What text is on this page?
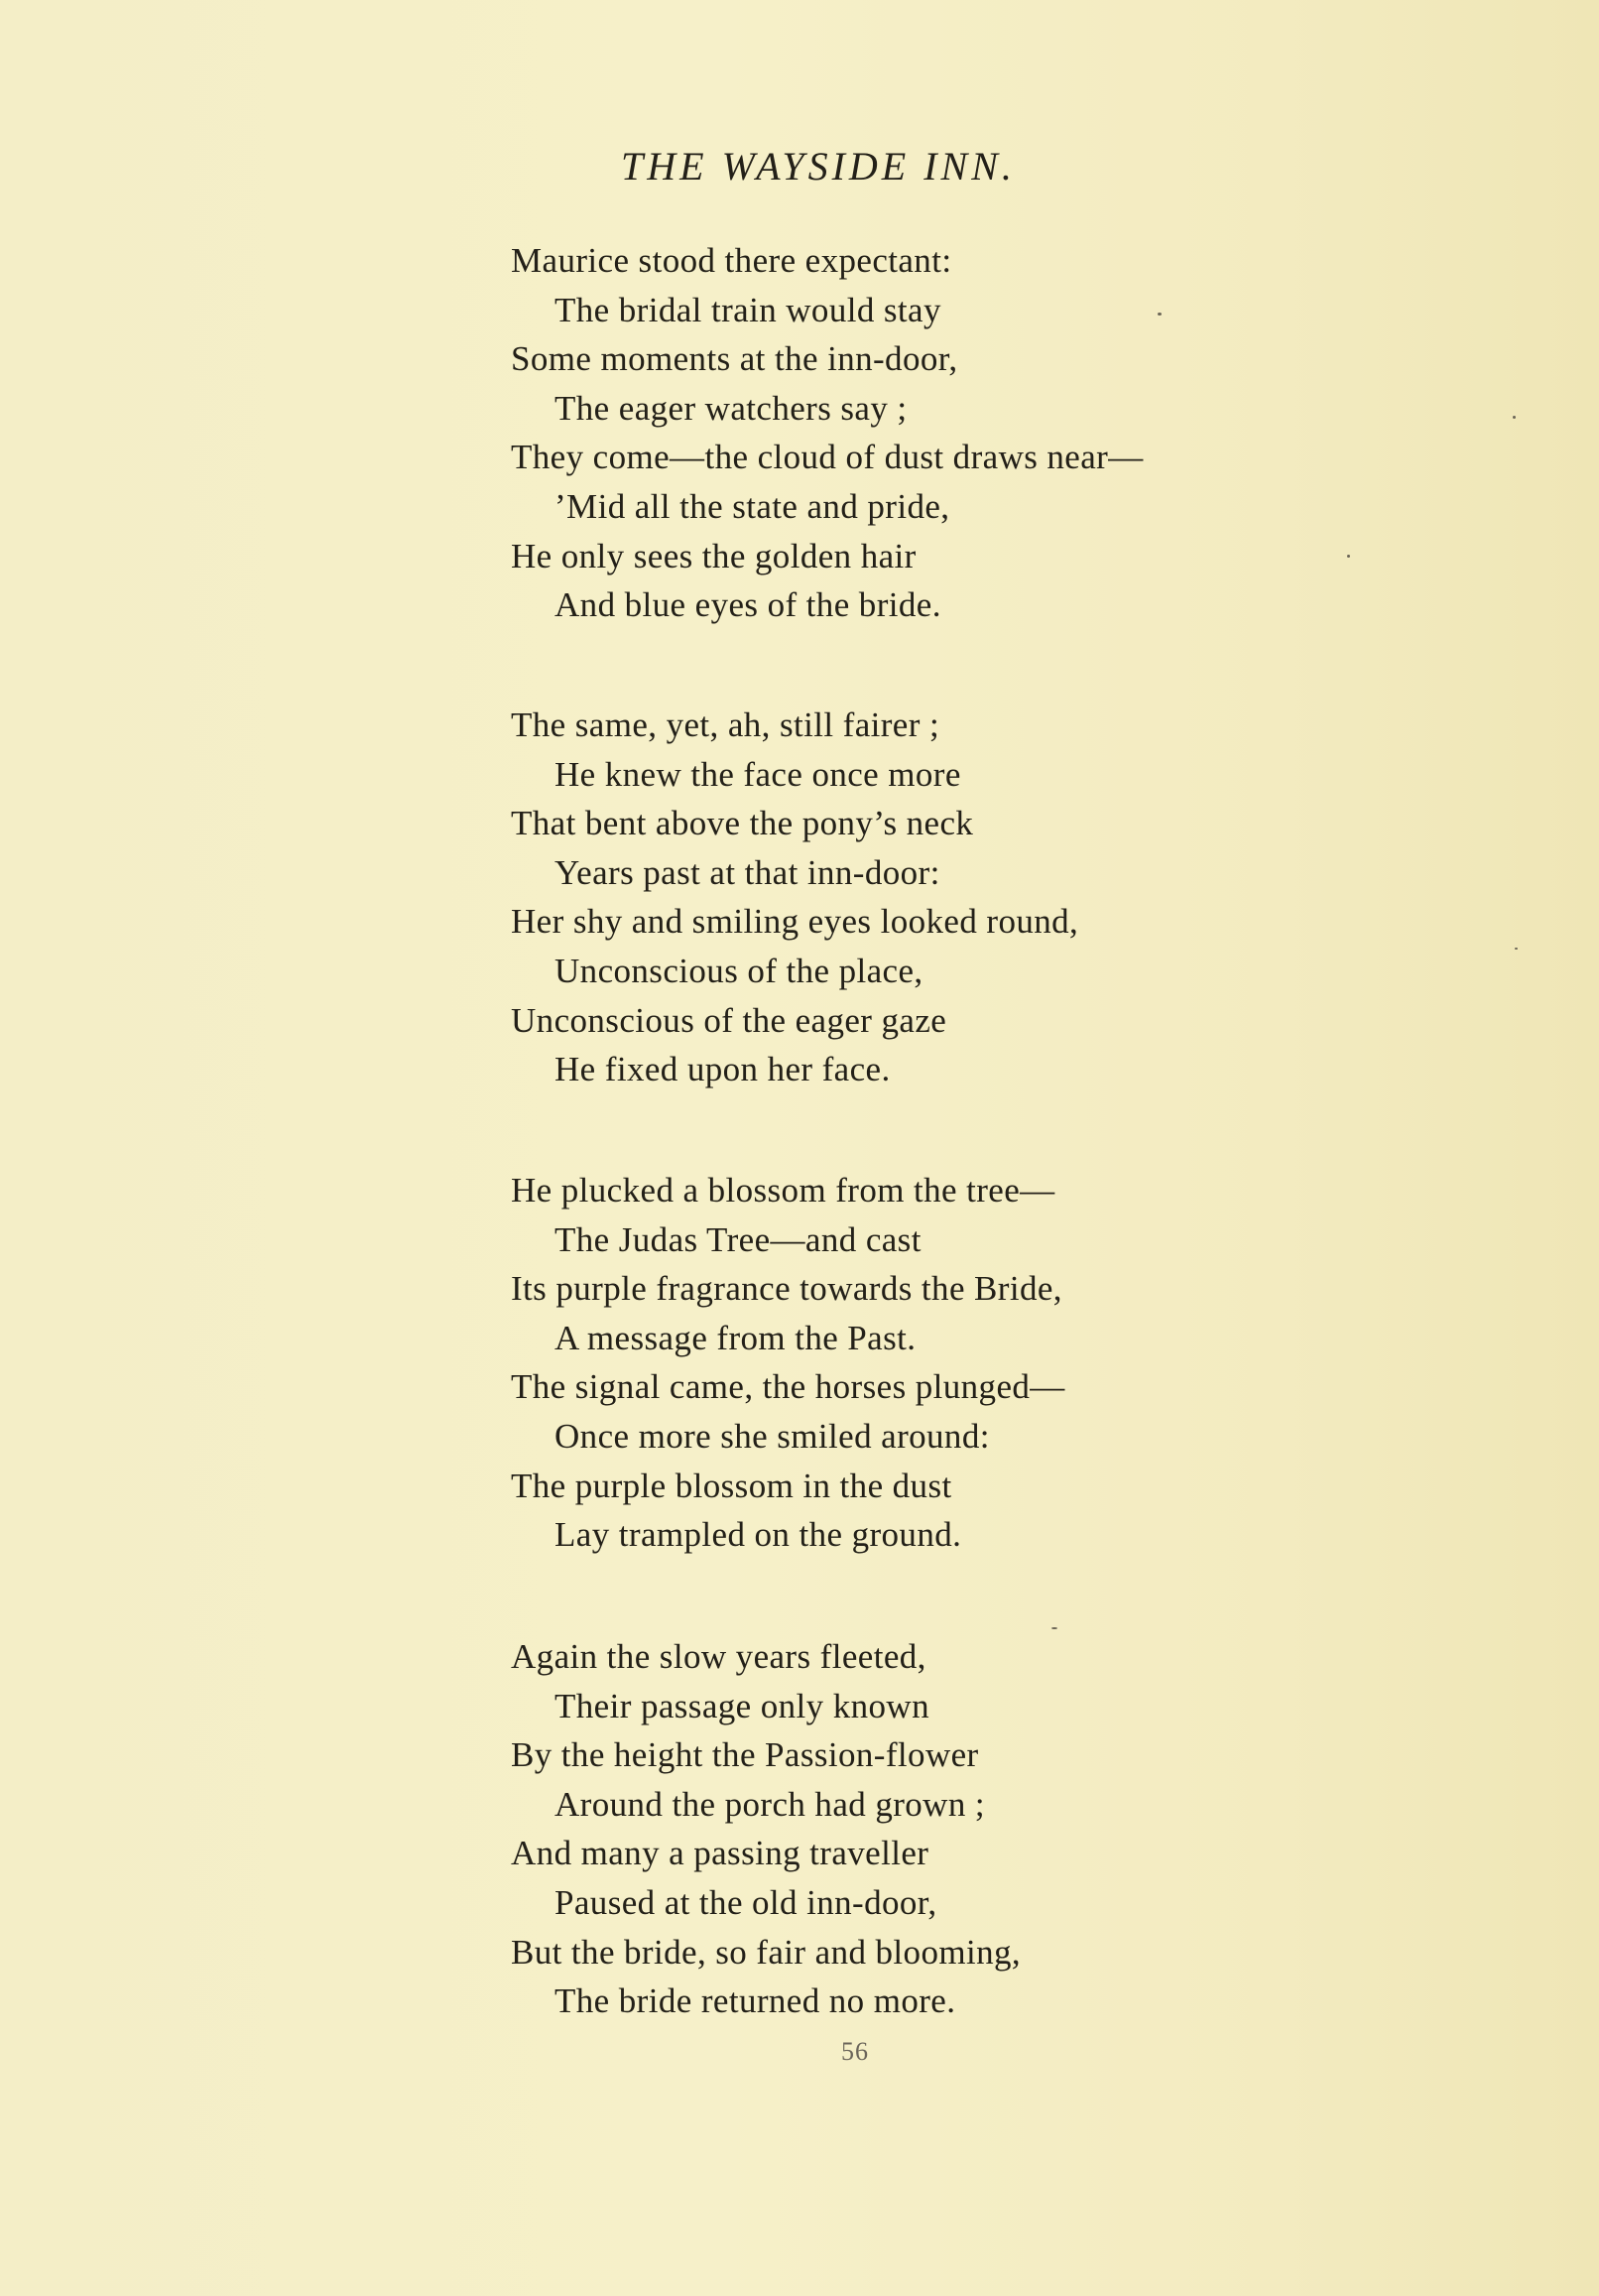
THE WAYSIDE INN.
Maurice stood there expectant:
The bridal train would stay
Some moments at the inn-door,
The eager watchers say ;
They come—the cloud of dust draws near—
’Mid all the state and pride,
He only sees the golden hair
And blue eyes of the bride.
The same, yet, ah, still fairer ;
He knew the face once more
That bent above the pony’s neck
Years past at that inn-door:
Her shy and smiling eyes looked round,
Unconscious of the place,
Unconscious of the eager gaze
He fixed upon her face.
He plucked a blossom from the tree—
The Judas Tree—and cast
Its purple fragrance towards the Bride,
A message from the Past.
The signal came, the horses plunged—
Once more she smiled around:
The purple blossom in the dust
Lay trampled on the ground.
Again the slow years fleeted,
Their passage only known
By the height the Passion-flower
Around the porch had grown ;
And many a passing traveller
Paused at the old inn-door,
But the bride, so fair and blooming,
The bride returned no more.
56
